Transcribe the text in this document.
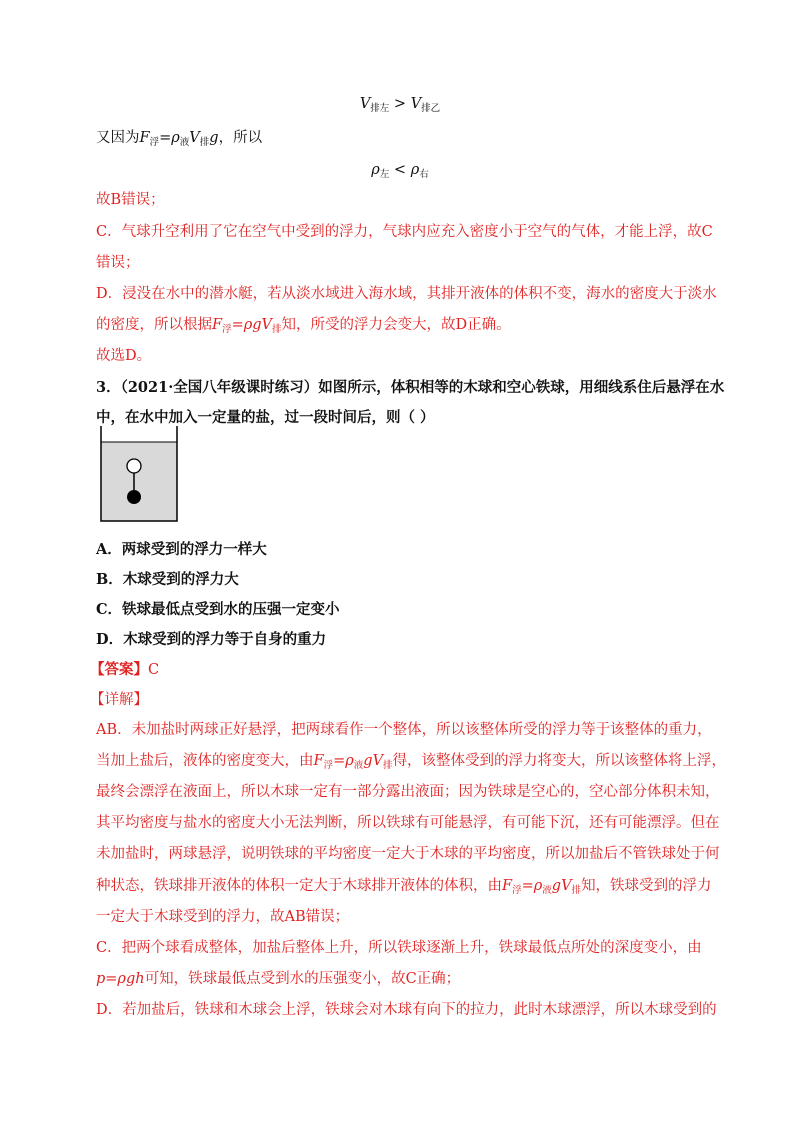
$V_{排左} > V_{排乙}$
又因为$F_浮=\rho_液V_排g$，所以
$\rho_左 < \rho_右$
故B错误；
C．气球升空利用了它在空气中受到的浮力，气球内应充入密度小于空气的气体，才能上浮，故C
错误；
D．浸没在水中的潜水艇，若从淡水域进入海水域，其排开液体的体积不变，海水的密度大于淡水
的密度，所以根据$F_浮=\rho gV_排$知，所受的浮力会变大，故D正确。
故选D。
3．（2021·全国八年级课时练习）如图所示，体积相等的木球和空心铁球，用细线系住后悬浮在水
中，在水中加入一定量的盐，过一段时间后，则（ ）
A．两球受到的浮力一样大
B．木球受到的浮力大
C．铁球最低点受到水的压强一定变小
D．木球受到的浮力等于自身的重力
【答案】C
【详解】
AB．未加盐时两球正好悬浮，把两球看作一个整体，所以该整体所受的浮力等于该整体的重力，
当加上盐后，液体的密度变大，由$F_浮=\rho_液gV_排$得，该整体受到的浮力将变大，所以该整体将上浮，
最终会漂浮在液面上，所以木球一定有一部分露出液面；因为铁球是空心的，空心部分体积未知，
其平均密度与盐水的密度大小无法判断，所以铁球有可能悬浮，有可能下沉，还有可能漂浮。但在
未加盐时，两球悬浮，说明铁球的平均密度一定大于木球的平均密度，所以加盐后不管铁球处于何
种状态，铁球排开液体的体积一定大于木球排开液体的体积，由$F_浮=\rho_液gV_排$知，铁球受到的浮力
一定大于木球受到的浮力，故AB错误；
C．把两个球看成整体，加盐后整体上升，所以铁球逐渐上升，铁球最低点所处的深度变小，由
p=ρgh可知，铁球最低点受到水的压强变小，故C正确；
D．若加盐后，铁球和木球会上浮，铁球会对木球有向下的拉力，此时木球漂浮，所以木球受到的
